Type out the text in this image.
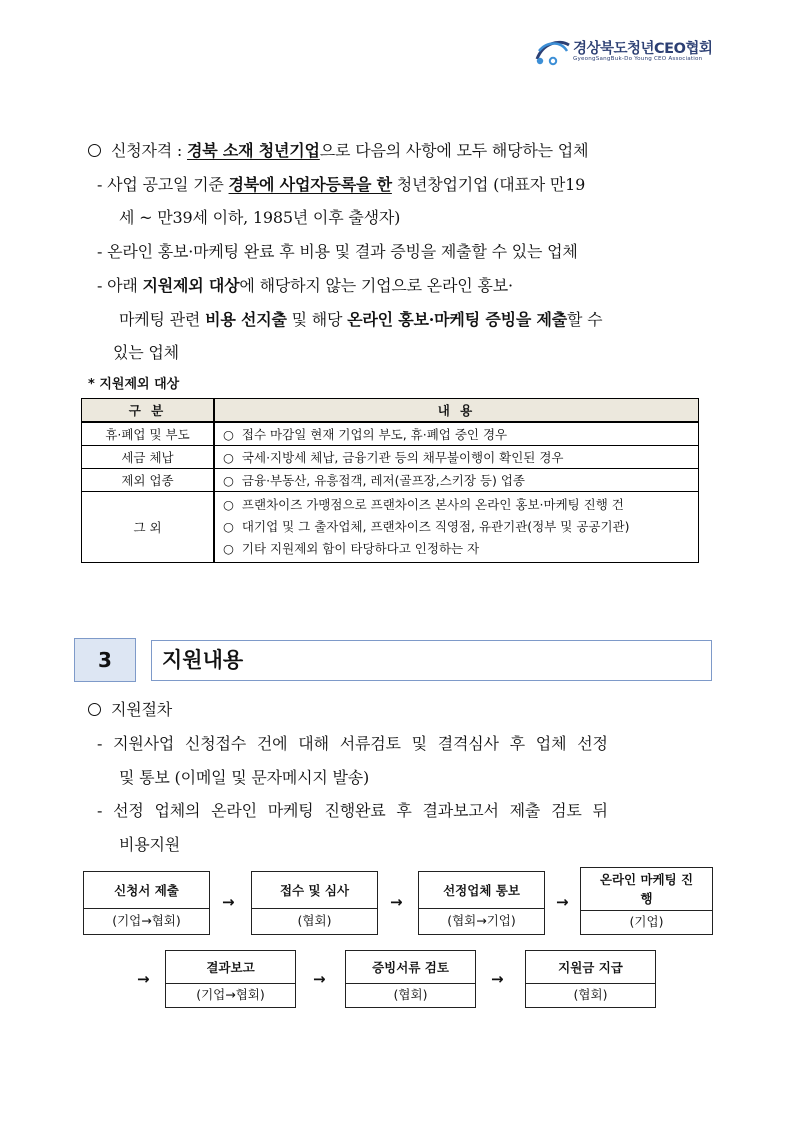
경상북도청년CEO협회
GyeongSangBuk-Do Young CEO Association
신청자격 : 경북 소재 청년기업으로 다음의 사항에 모두 해당하는 업체
- 사업 공고일 기준 경북에 사업자등록을 한 청년창업기업 (대표자 만19
세 ~ 만39세 이하, 1985년 이후 출생자)
- 온라인 홍보·마케팅 완료 후 비용 및 결과 증빙을 제출할 수 있는 업체
- 아래 지원제외 대상에 해당하지 않는 기업으로 온라인 홍보·
마케팅 관련 비용 선지출 및 해당 온라인 홍보·마케팅 증빙을 제출할 수
있는 업체
* 지원제외 대상
구 분	내 용
휴·폐업 및 부도	○ 접수 마감일 현재 기업의 부도, 휴·폐업 중인 경우
세금 체납	○ 국세·지방세 체납, 금융기관 등의 채무불이행이 확인된 경우
제외 업종	○ 금융·부동산, 유흥접객, 레저(골프장,스키장 등) 업종
그 외	○ 프랜차이즈 가맹점으로 프랜차이즈 본사의 온라인 홍보·마케팅 진행 건
○ 대기업 및 그 출자업체, 프랜차이즈 직영점, 유관기관(정부 및 공공기관)
○ 기타 지원제외 함이 타당하다고 인정하는 자
3	지원내용
지원절차
- 지원사업 신청접수 건에 대해 서류검토 및 결격심사 후 업체 선정
및 통보 (이메일 및 문자메시지 발송)
- 선정 업체의 온라인 마케팅 진행완료 후 결과보고서 제출 검토 뒤
비용지원
신청서 제출
(기업→협회)
→
접수 및 심사
(협회)
→
선정업체 통보
(협회→기업)
→
온라인 마케팅 진행
(기업)
→
결과보고
(기업→협회)
→
증빙서류 검토
(협회)
→
지원금 지급
(협회)
